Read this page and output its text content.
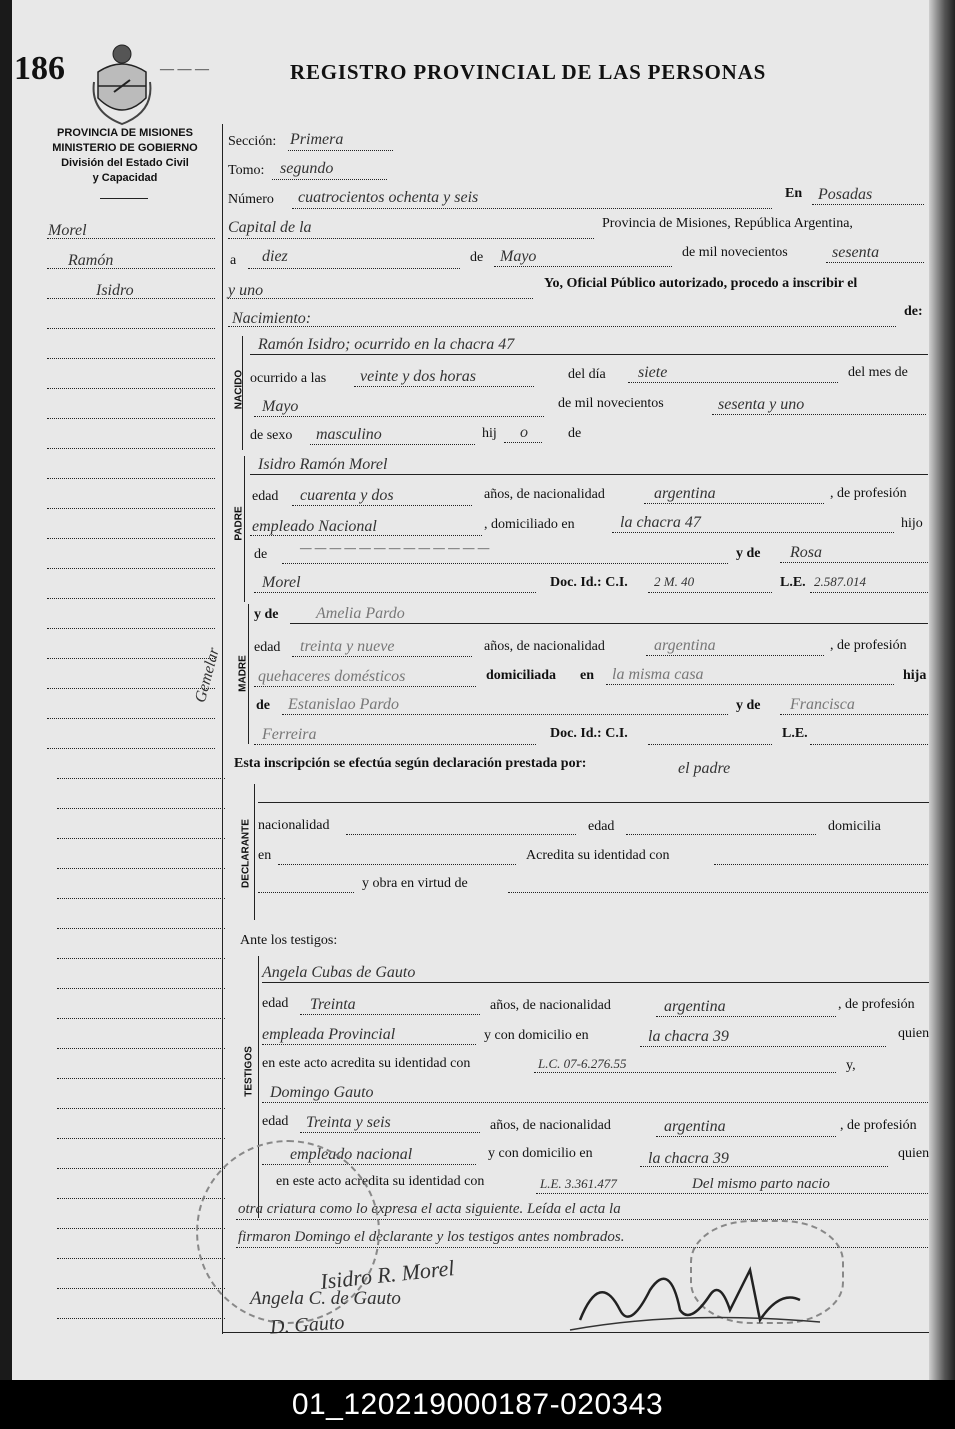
186	— — —	REGISTRO PROVINCIAL DE LAS PERSONAS
PROVINCIA DE MISIONES
MINISTERIO DE GOBIERNO
División del Estado Civil
y Capacidad
Morel
Ramón
Isidro
Gemelar
Sección: Primera
Tomo: segundo
Número cuatrocientos ochenta y seis	En Posadas
Capital de la	Provincia de Misiones, República Argentina,
a diez	de Mayo	de mil novecientos	sesenta
y uno	Yo, Oficial Público autorizado, procedo a inscribir el
Nacimiento:	de:
NACIDO
Ramón Isidro; ocurrido en la chacra 47
ocurrido a las veinte y dos horas	del día siete	del mes de
Mayo	de mil novecientos	sesenta y uno
de sexo masculino	hij o	de
PADRE
Isidro Ramón Morel
edad cuarenta y dos	años, de nacionalidad	argentina	, de profesión
empleado Nacional	, domiciliado en	la chacra 47	hijo
de	— — — — — — — — — — — — —	y de Rosa
Morel	Doc. Id.: C.I. 2 M. 40	L.E. 2.587.014
MADRE
y de Amelia Pardo
edad treinta y nueve	años, de nacionalidad	argentina	, de profesión
quehaceres domésticos	domiciliada en la misma casa	hija
de Estanislao Pardo	y de Francisca
Ferreira	Doc. Id.: C.I.	L.E.
Esta inscripción se efectúa según declaración prestada por:	el padre
DECLARANTE nacionalidad	edad	domicilia
en	Acredita su identidad con
y obra en virtud de
Ante los testigos:
TESTIGOS
Angela Cubas de Gauto
edad Treinta	años, de nacionalidad	argentina	, de profesión
empleada Provincial	y con domicilio en	la chacra 39	quien
en este acto acredita su identidad con	L.C. 07-6.276.55	y,
Domingo Gauto
edad Treinta y seis	años, de nacionalidad	argentina	, de profesión
empleado nacional	y con domicilio en	la chacra 39	quien
en este acto acredita su identidad con	L.E. 3.361.477	Del mismo parto nacio
otra criatura como lo expresa el acta siguiente. Leída el acta la
firmaron Domingo el declarante y los testigos antes nombrados.
Isidro R. Morel
Angela C. de Gauto
D. Gauto
01_120219000187-020343
